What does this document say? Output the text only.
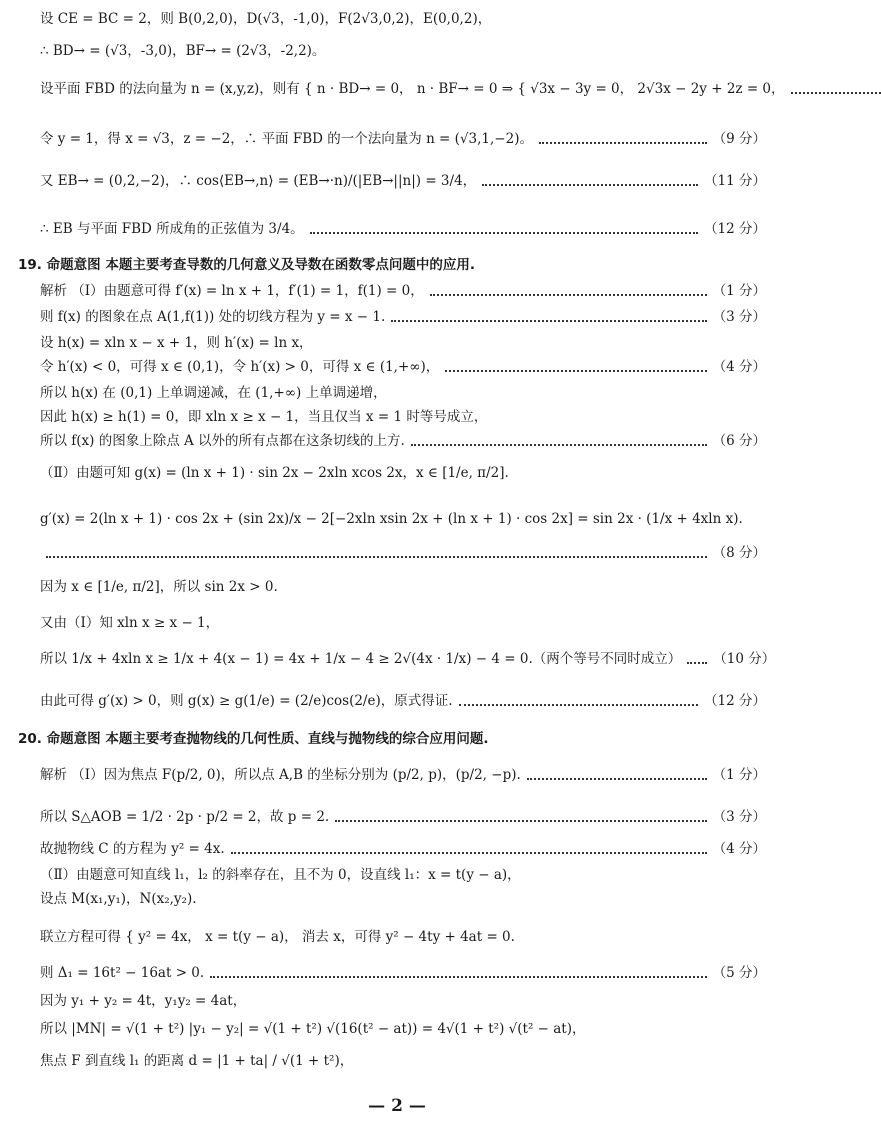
设 CE = BC = 2，则 B(0,2,0)，D(√3，-1,0)，F(2√3,0,2)，E(0,0,2)，
∴ BD→ = (√3，-3,0)，BF→ = (2√3，-2,2)。
设平面 FBD 的法向量为 n = (x,y,z)，则有 { n · BD→ = 0， n · BF→ = 0 ⇒ { √3x − 3y = 0， 2√3x − 2y + 2z = 0，
令 y = 1，得 x = √3，z = −2，∴ 平面 FBD 的一个法向量为 n = (√3,1,−2)。	（9 分）
又 EB→ = (0,2,−2)，∴ cos⟨EB→,n⟩ = (EB→·n)/(|EB→||n|) = 3/4，	（11 分）
∴ EB 与平面 FBD 所成角的正弦值为 3/4。	（12 分）
19. 命题意图 本题主要考查导数的几何意义及导数在函数零点问题中的应用.
解析 （Ⅰ）由题意可得 f′(x) = ln x + 1，f′(1) = 1，f(1) = 0，	（1 分）
则 f(x) 的图象在点 A(1,f(1)) 处的切线方程为 y = x − 1.	（3 分）
设 h(x) = xln x − x + 1，则 h′(x) = ln x，
令 h′(x) < 0，可得 x ∈ (0,1)，令 h′(x) > 0，可得 x ∈ (1,+∞)，	（4 分）
所以 h(x) 在 (0,1) 上单调递减，在 (1,+∞) 上单调递增，
因此 h(x) ≥ h(1) = 0，即 xln x ≥ x − 1，当且仅当 x = 1 时等号成立，
所以 f(x) 的图象上除点 A 以外的所有点都在这条切线的上方.	（6 分）
（Ⅱ）由题可知 g(x) = (ln x + 1) · sin 2x − 2xln xcos 2x，x ∈ [1/e, π/2].
g′(x) = 2(ln x + 1) · cos 2x + (sin 2x)/x − 2[−2xln xsin 2x + (ln x + 1) · cos 2x] = sin 2x · (1/x + 4xln x).
（8 分）
因为 x ∈ [1/e, π/2]，所以 sin 2x > 0.
又由（Ⅰ）知 xln x ≥ x − 1，
所以 1/x + 4xln x ≥ 1/x + 4(x − 1) = 4x + 1/x − 4 ≥ 2√(4x · 1/x) − 4 = 0.（两个等号不同时成立） （10 分）
由此可得 g′(x) > 0，则 g(x) ≥ g(1/e) = (2/e)cos(2/e)，原式得证.	（12 分）
20. 命题意图 本题主要考查抛物线的几何性质、直线与抛物线的综合应用问题.
解析 （Ⅰ）因为焦点 F(p/2, 0)，所以点 A,B 的坐标分别为 (p/2, p)，(p/2, −p).	（1 分）
所以 S△AOB = 1/2 · 2p · p/2 = 2，故 p = 2.	（3 分）
故抛物线 C 的方程为 y² = 4x.	（4 分）
（Ⅱ）由题意可知直线 l₁，l₂ 的斜率存在，且不为 0，设直线 l₁：x = t(y − a)，
设点 M(x₁,y₁)，N(x₂,y₂).
联立方程可得 { y² = 4x， x = t(y − a)， 消去 x，可得 y² − 4ty + 4at = 0.
则 Δ₁ = 16t² − 16at > 0.	（5 分）
因为 y₁ + y₂ = 4t，y₁y₂ = 4at，
所以 |MN| = √(1 + t²) |y₁ − y₂| = √(1 + t²) √(16(t² − at)) = 4√(1 + t²) √(t² − at)，
焦点 F 到直线 l₁ 的距离 d = |1 + ta| / √(1 + t²)，
— 2 —
